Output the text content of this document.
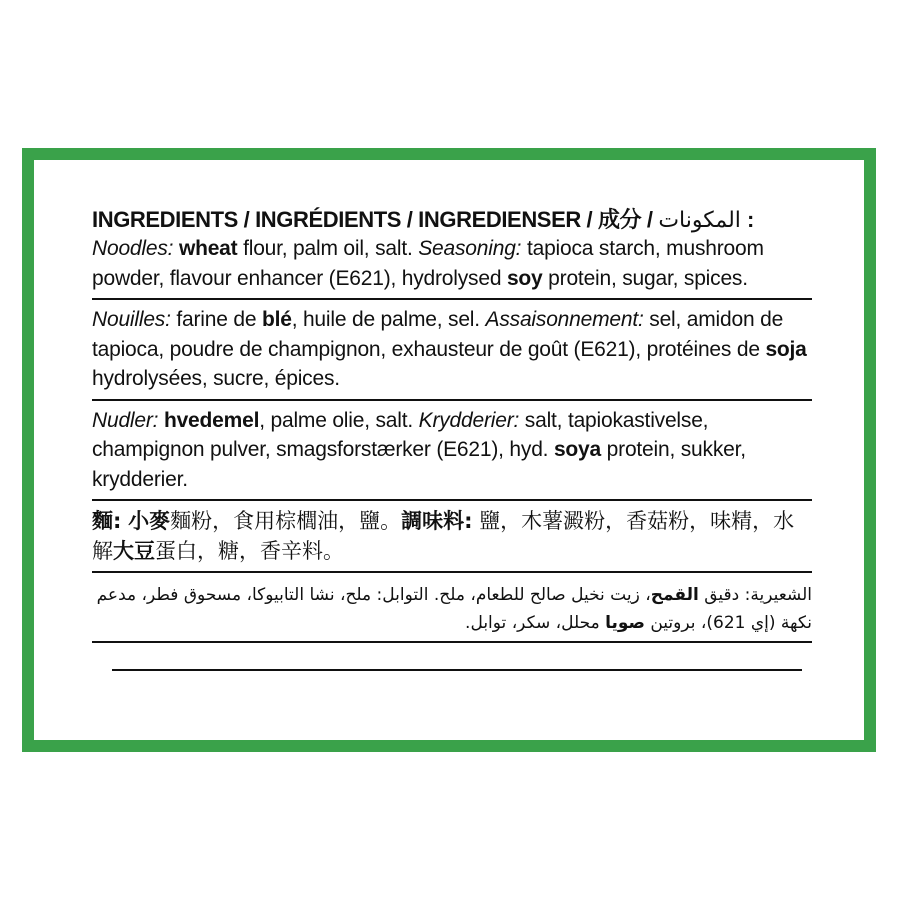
INGREDIENTS / INGRÉDIENTS / INGREDIENSER / 成分 / المكونات :
Noodles: wheat flour, palm oil, salt. Seasoning: tapioca starch, mushroom powder, flavour enhancer (E621), hydrolysed soy protein, sugar, spices.
Nouilles: farine de blé, huile de palme, sel. Assaisonnement: sel, amidon de tapioca, poudre de champignon, exhausteur de goût (E621), protéines de soja hydrolysées, sucre, épices.
Nudler: hvedemel, palme olie, salt. Krydderier: salt, tapiokastivelse, champignon pulver, smagsforstærker (E621), hyd. soya protein, sukker, krydderier.
麵: 小麥麵粉，食用棕櫚油，鹽。調味料: 鹽，木薯澱粉，香菇粉，味精，水解大豆蛋白，糖，香辛料。
الشعيرية: دقيق القمح، زيت نخيل صالح للطعام، ملح. التوابل: ملح، نشا التابيوكا، مسحوق فطر، مدعم نكهة (إي 621)، بروتين صويا محلل، سكر، توابل.
